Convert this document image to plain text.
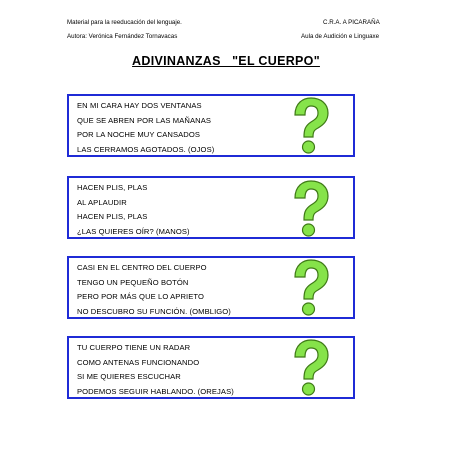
Material para la reeducación del lenguaje.	C.R.A. A PICARAÑA
Autora: Verónica Fernández Tornavacas	Aula de Audición e Linguaxe
ADIVINANZAS   "EL CUERPO"
EN MI CARA HAY DOS VENTANAS
QUE SE ABREN POR LAS MAÑANAS
POR LA NOCHE MUY CANSADOS
LAS CERRAMOS AGOTADOS. (OJOS)
HACEN PLIS, PLAS
AL APLAUDIR
HACEN PLIS, PLAS
¿LAS QUIERES OÍR? (MANOS)
CASI EN EL CENTRO DEL CUERPO
TENGO UN PEQUEÑO BOTÓN
PERO POR MÁS QUE LO APRIETO
NO DESCUBRO SU FUNCIÓN. (OMBLIGO)
TU CUERPO TIENE UN RADAR
COMO ANTENAS FUNCIONANDO
SI ME QUIERES ESCUCHAR
PODEMOS SEGUIR HABLANDO. (OREJAS)
